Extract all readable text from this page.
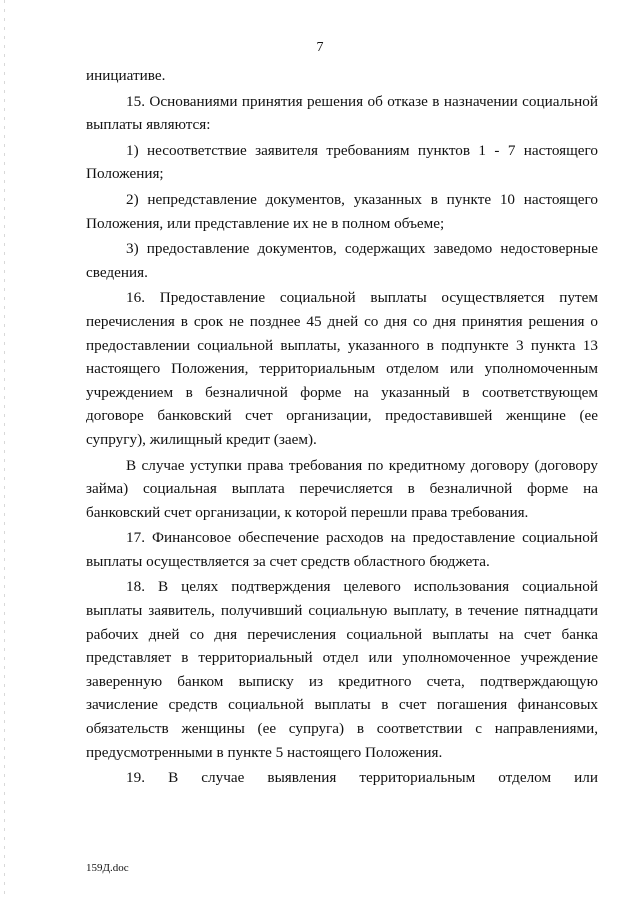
7

инициативе.

15. Основаниями принятия решения об отказе в назначении социальной выплаты являются:

1) несоответствие заявителя требованиям пунктов 1 - 7 настоящего Положения;

2) непредставление документов, указанных в пункте 10 настоящего Положения, или представление их не в полном объеме;

3) предоставление документов, содержащих заведомо недостоверные сведения.

16. Предоставление социальной выплаты осуществляется путем перечисления в срок не позднее 45 дней со дня со дня принятия решения о предоставлении социальной выплаты, указанного в подпункте 3 пункта 13 настоящего Положения, территориальным отделом или уполномоченным учреждением в безналичной форме на указанный в соответствующем договоре банковский счет организации, предоставившей женщине (ее супругу), жилищный кредит (заем).

В случае уступки права требования по кредитному договору (договору займа) социальная выплата перечисляется в безналичной форме на банковский счет организации, к которой перешли права требования.

17. Финансовое обеспечение расходов на предоставление социальной выплаты осуществляется за счет средств областного бюджета.

18. В целях подтверждения целевого использования социальной выплаты заявитель, получивший социальную выплату, в течение пятнадцати рабочих дней со дня перечисления социальной выплаты на счет банка представляет в территориальный отдел или уполномоченное учреждение заверенную банком выписку из кредитного счета, подтверждающую зачисление средств социальной выплаты в счет погашения финансовых обязательств женщины (ее супруга) в соответствии с направлениями, предусмотренными в пункте 5 настоящего Положения.

19. В случае выявления территориальным отделом или

159Д.doc
